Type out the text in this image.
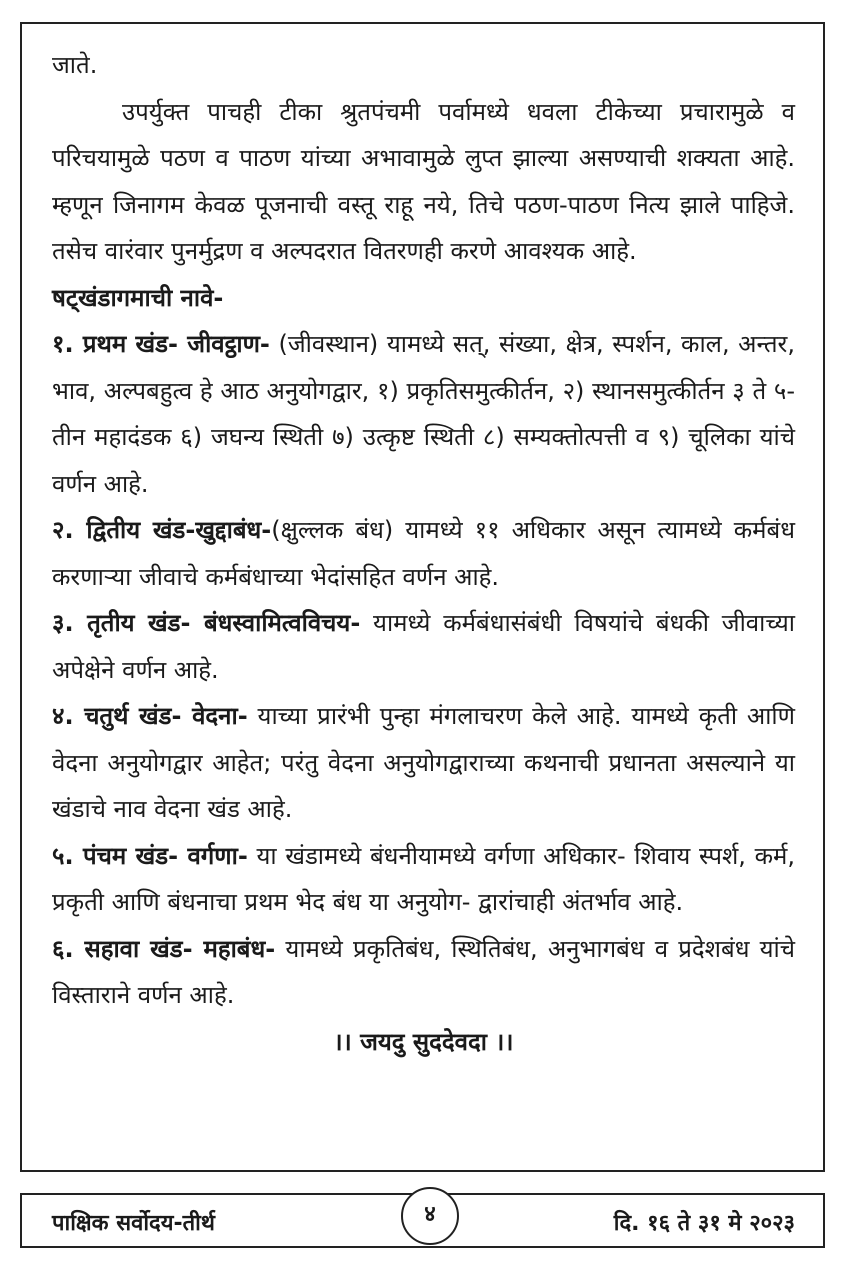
जाते.

उपर्युक्त पाचही टीका श्रुतपंचमी पर्वामध्ये धवला टीकेच्या प्रचारामुळे व परिचयामुळे पठण व पाठण यांच्या अभावामुळे लुप्त झाल्या असण्याची शक्यता आहे. म्हणून जिनागम केवळ पूजनाची वस्तू राहू नये, तिचे पठण-पाठण नित्य झाले पाहिजे. तसेच वारंवार पुनर्मुद्रण व अल्पदरात वितरणही करणे आवश्यक आहे.

षट्खंडागमाची नावे-

१. प्रथम खंड- जीवट्ठाण- (जीवस्थान) यामध्ये सत्, संख्या, क्षेत्र, स्पर्शन, काल, अन्तर, भाव, अल्पबहुत्व हे आठ अनुयोगद्वार, १) प्रकृतिसमुत्कीर्तन, २) स्थानसमुत्कीर्तन ३ ते ५- तीन महादंडक ६) जघन्य स्थिती ७) उत्कृष्ट स्थिती ८) सम्यक्तोत्पत्ती व ९) चूलिका यांचे वर्णन आहे.

२. द्वितीय खंड-खुद्दाबंध-(क्षुल्लक बंध) यामध्ये ११ अधिकार असून त्यामध्ये कर्मबंध करणाऱ्या जीवाचे कर्मबंधाच्या भेदांसहित वर्णन आहे.

३. तृतीय खंड- बंधस्वामित्वविचय- यामध्ये कर्मबंधासंबंधी विषयांचे बंधकी जीवाच्या अपेक्षेने वर्णन आहे.

४. चतुर्थ खंड- वेदना- याच्या प्रारंभी पुन्हा मंगलाचरण केले आहे. यामध्ये कृती आणि वेदना अनुयोगद्वार आहेत; परंतु वेदना अनुयोगद्वाराच्या कथनाची प्रधानता असल्याने या खंडाचे नाव वेदना खंड आहे.

५. पंचम खंड- वर्गणा- या खंडामध्ये बंधनीयामध्ये वर्गणा अधिकार- शिवाय स्पर्श, कर्म, प्रकृती आणि बंधनाचा प्रथम भेद बंध या अनुयोग- द्वारांचाही अंतर्भाव आहे.

६. सहावा खंड- महाबंध- यामध्ये प्रकृतिबंध, स्थितिबंध, अनुभागबंध व प्रदेशबंध यांचे विस्ताराने वर्णन आहे.

।। जयदु सुददेवदा ।।

पाक्षिक सर्वोदय-तीर्थ	४	दि. १६ ते ३१ मे २०२३
